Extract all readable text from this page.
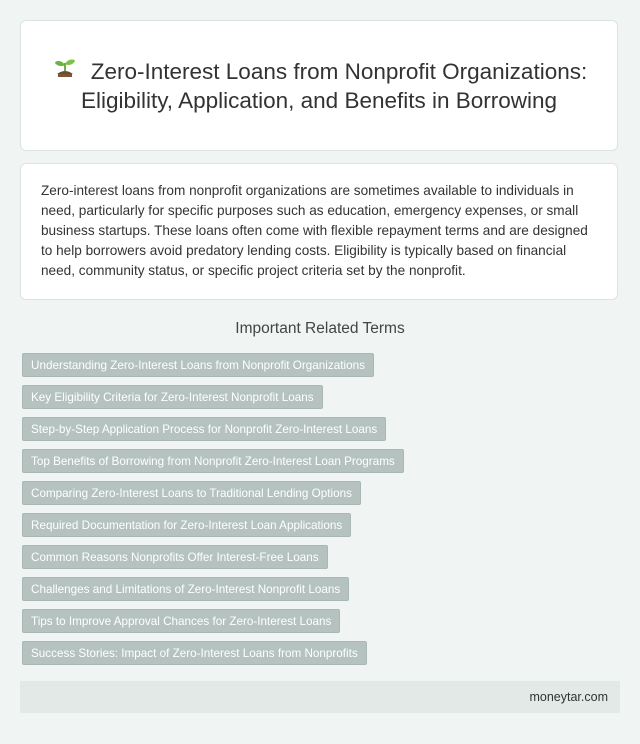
Zero-Interest Loans from Nonprofit Organizations: Eligibility, Application, and Benefits in Borrowing

Zero-interest loans from nonprofit organizations are sometimes available to individuals in need, particularly for specific purposes such as education, emergency expenses, or small business startups. These loans often come with flexible repayment terms and are designed to help borrowers avoid predatory lending costs. Eligibility is typically based on financial need, community status, or specific project criteria set by the nonprofit.

Important Related Terms
Understanding Zero-Interest Loans from Nonprofit Organizations
Key Eligibility Criteria for Zero-Interest Nonprofit Loans
Step-by-Step Application Process for Nonprofit Zero-Interest Loans
Top Benefits of Borrowing from Nonprofit Zero-Interest Loan Programs
Comparing Zero-Interest Loans to Traditional Lending Options
Required Documentation for Zero-Interest Loan Applications
Common Reasons Nonprofits Offer Interest-Free Loans
Challenges and Limitations of Zero-Interest Nonprofit Loans
Tips to Improve Approval Chances for Zero-Interest Loans
Success Stories: Impact of Zero-Interest Loans from Nonprofits
moneytar.com
